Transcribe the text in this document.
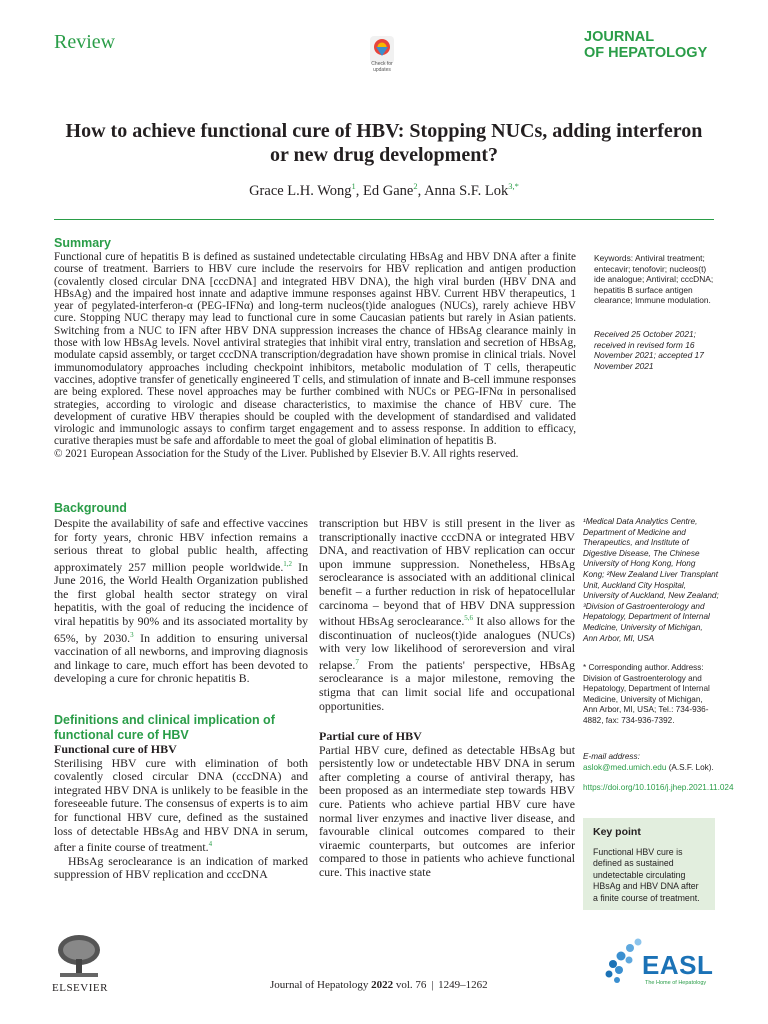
Review
Check for updates
JOURNAL
OF HEPATOLOGY
How to achieve functional cure of HBV: Stopping NUCs, adding interferon or new drug development?
Grace L.H. Wong$^1$, Ed Gane$^2$, Anna S.F. Lok$^{3,*}$
Summary

Functional cure of hepatitis B is defined as sustained undetectable circulating HBsAg and HBV DNA after a finite course of treatment. Barriers to HBV cure include the reservoirs for HBV replication and antigen production (covalently closed circular DNA [cccDNA] and integrated HBV DNA), the high viral burden (HBV DNA and HBsAg) and the impaired host innate and adaptive immune responses against HBV. Current HBV therapeutics, 1 year of pegylated-interferon-α (PEG-IFNα) and long-term nucleos(t)ide analogues (NUCs), rarely achieve HBV cure. Stopping NUC therapy may lead to functional cure in some Caucasian patients but rarely in Asian patients. Switching from a NUC to IFN after HBV DNA suppression increases the chance of HBsAg clearance mainly in those with low HBsAg levels. Novel antiviral strategies that inhibit viral entry, translation and secretion of HBsAg, modulate capsid assembly, or target cccDNA transcription/degradation have shown promise in clinical trials. Novel immunomodulatory approaches including checkpoint inhibitors, metabolic modulation of T cells, therapeutic vaccines, adoptive transfer of genetically engineered T cells, and stimulation of innate and B-cell immune responses are being explored. These novel approaches may be further combined with NUCs or PEG-IFNα in personalised strategies, according to virologic and disease characteristics, to maximise the chance of HBV cure. The development of curative HBV therapies should be coupled with the development of standardised and validated virologic and immunologic assays to confirm target engagement and to assess response. In addition to efficacy, curative therapies must be safe and affordable to meet the goal of global elimination of hepatitis B.

© 2021 European Association for the Study of the Liver. Published by Elsevier B.V. All rights reserved.

Keywords: Antiviral treatment; entecavir; tenofovir; nucleos(t) ide analogue; Antiviral; cccDNA; hepatitis B surface antigen clearance; Immune modulation.
Received 25 October 2021; received in revised form 16 November 2021; accepted 17 November 2021
Background

Despite the availability of safe and effective vaccines for forty years, chronic HBV infection remains a serious threat to global public health, affecting approximately 257 million people worldwide.$^{1,2}$ In June 2016, the World Health Organization published the first global health sector strategy on viral hepatitis, with the goal of reducing the incidence of viral hepatitis by 90% and its associated mortality by 65%, by 2030.$^3$ In addition to ensuring universal vaccination of all newborns, and improving diagnosis and linkage to care, much effort has been devoted to developing a cure for chronic hepatitis B.

Definitions and clinical implication of functional cure of HBV

Functional cure of HBV

Sterilising HBV cure with elimination of both covalently closed circular DNA (cccDNA) and integrated HBV DNA is unlikely to be feasible in the foreseeable future. The consensus of experts is to aim for functional HBV cure, defined as the sustained loss of detectable HBsAg and HBV DNA in serum, after a finite course of treatment.$^4$

HBsAg seroclearance is an indication of marked suppression of HBV replication and cccDNA

transcription but HBV is still present in the liver as transcriptionally inactive cccDNA or integrated HBV DNA, and reactivation of HBV replication can occur upon immune suppression. Nonetheless, HBsAg seroclearance is associated with an additional clinical benefit – a further reduction in risk of hepatocellular carcinoma – beyond that of HBV DNA suppression without HBsAg seroclearance.$^{5,6}$ It also allows for the discontinuation of nucleos(t)ide analogues (NUCs) with very low likelihood of seroreversion and viral relapse.$^7$ From the patients' perspective, HBsAg seroclearance is a major milestone, removing the stigma that can limit social life and occupational opportunities.

Partial cure of HBV

Partial HBV cure, defined as detectable HBsAg but persistently low or undetectable HBV DNA in serum after completing a course of antiviral therapy, has been proposed as an intermediate step towards HBV cure. Patients who achieve partial HBV cure have normal liver enzymes and inactive liver disease, and favourable clinical outcomes compared to their viraemic counterparts, but outcomes are inferior compared to those in patients who achieve functional cure. This inactive state

¹Medical Data Analytics Centre, Department of Medicine and Therapeutics, and Institute of Digestive Disease, The Chinese University of Hong Kong, Hong Kong; ²New Zealand Liver Transplant Unit, Auckland City Hospital, University of Auckland, New Zealand; ³Division of Gastroenterology and Hepatology, Department of Internal Medicine, University of Michigan, Ann Arbor, MI, USA
* Corresponding author. Address: Division of Gastroenterology and Hepatology, Department of Internal Medicine, University of Michigan, Ann Arbor, MI, USA; Tel.: 734-936-4882, fax: 734-936-7392.
E-mail address: aslok@med.umich.edu (A.S.F. Lok).
https://doi.org/10.1016/j.jhep.2021.11.024
Key point
Functional HBV cure is defined as sustained undetectable circulating HBsAg and HBV DNA after a finite course of treatment.
ELSEVIER	Journal of Hepatology 2022 vol. 76 | 1249–1262
EASL
The Home of Hepatology
